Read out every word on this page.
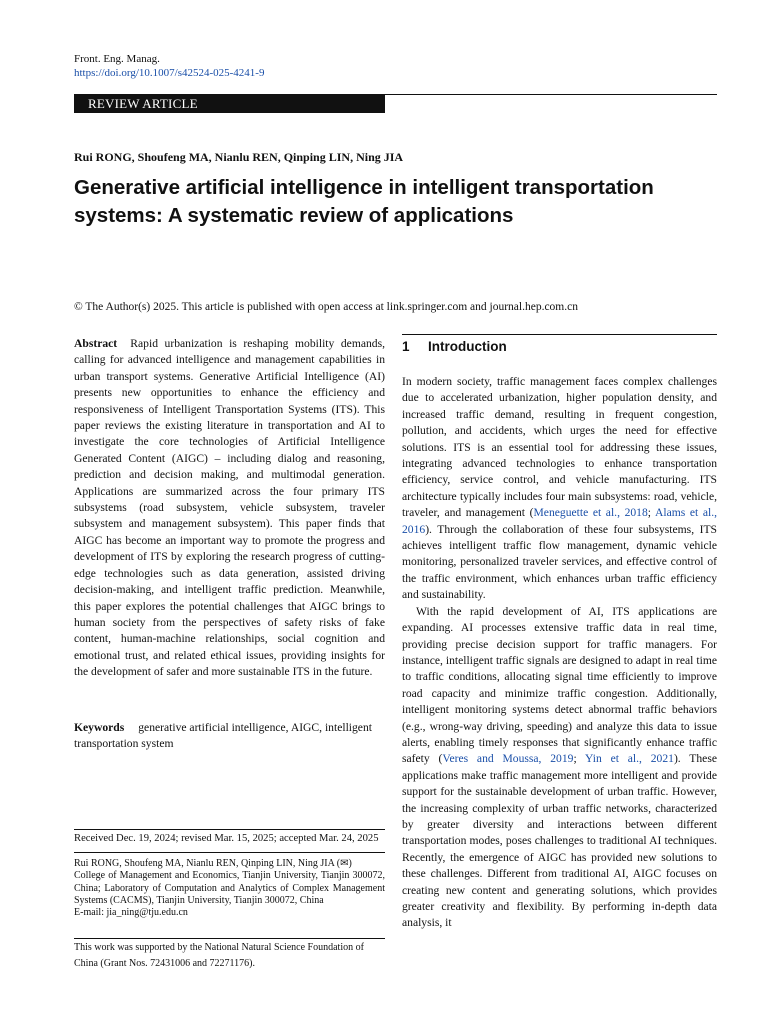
Front. Eng. Manag.
https://doi.org/10.1007/s42524-025-4241-9
REVIEW ARTICLE
Rui RONG, Shoufeng MA, Nianlu REN, Qinping LIN, Ning JIA
Generative artificial intelligence in intelligent transportation systems: A systematic review of applications
© The Author(s) 2025. This article is published with open access at link.springer.com and journal.hep.com.cn
Abstract Rapid urbanization is reshaping mobility demands, calling for advanced intelligence and management capabilities in urban transport systems. Generative Artificial Intelligence (AI) presents new opportunities to enhance the efficiency and responsiveness of Intelligent Transportation Systems (ITS). This paper reviews the existing literature in transportation and AI to investigate the core technologies of Artificial Intelligence Generated Content (AIGC) – including dialog and reasoning, prediction and decision making, and multimodal generation. Applications are summarized across the four primary ITS subsystems (road subsystem, vehicle subsystem, traveler subsystem and management subsystem). This paper finds that AIGC has become an important way to promote the progress and development of ITS by exploring the research progress of cutting-edge technologies such as data generation, assisted driving decision-making, and intelligent traffic prediction. Meanwhile, this paper explores the potential challenges that AIGC brings to human society from the perspectives of safety risks of fake content, human-machine relationships, social cognition and emotional trust, and related ethical issues, providing insights for the development of safer and more sustainable ITS in the future.
Keywords generative artificial intelligence, AIGC, intelligent transportation system
Received Dec. 19, 2024; revised Mar. 15, 2025; accepted Mar. 24, 2025
Rui RONG, Shoufeng MA, Nianlu REN, Qinping LIN, Ning JIA (✉)
College of Management and Economics, Tianjin University, Tianjin 300072, China; Laboratory of Computation and Analytics of Complex Management Systems (CACMS), Tianjin University, Tianjin 300072, China
E-mail: jia_ning@tju.edu.cn
This work was supported by the National Natural Science Foundation of China (Grant Nos. 72431006 and 72271176).
1 Introduction

In modern society, traffic management faces complex challenges due to accelerated urbanization, higher population density, and increased traffic demand, resulting in frequent congestion, pollution, and accidents, which urges the need for effective solutions. ITS is an essential tool for addressing these issues, integrating advanced technologies to enhance transportation efficiency, service control, and vehicle manufacturing. ITS architecture typically includes four main subsystems: road, vehicle, traveler, and management (Meneguette et al., 2018; Alams et al., 2016). Through the collaboration of these four subsystems, ITS achieves intelligent traffic flow management, dynamic vehicle monitoring, personalized traveler services, and effective control of the traffic environment, which enhances urban traffic efficiency and sustainability.

With the rapid development of AI, ITS applications are expanding. AI processes extensive traffic data in real time, providing precise decision support for traffic managers. For instance, intelligent traffic signals are designed to adapt in real time to traffic conditions, allocating signal time efficiently to improve road capacity and minimize traffic congestion. Additionally, intelligent monitoring systems detect abnormal traffic behaviors (e.g., wrong-way driving, speeding) and analyze this data to issue alerts, enabling timely responses that significantly enhance traffic safety (Veres and Moussa, 2019; Yin et al., 2021). These applications make traffic management more intelligent and provide support for the sustainable development of urban traffic. However, the increasing complexity of urban traffic networks, characterized by greater diversity and interactions between different transportation modes, poses challenges to traditional AI techniques. Recently, the emergence of AIGC has provided new solutions to these challenges. Different from traditional AI, AIGC focuses on creating new content and generating solutions, which provides greater creativity and flexibility. By performing in-depth data analysis, it
